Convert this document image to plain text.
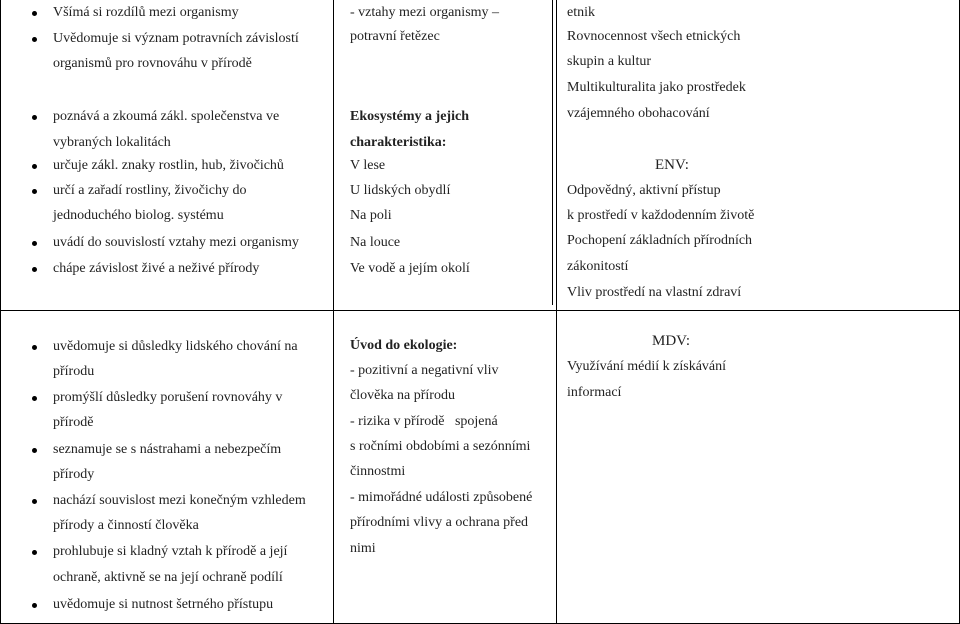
Všímá si rozdílů mezi organismy
Uvědomuje si význam potravních závislostí
organismů pro rovnováhu v přírodě
poznává a zkoumá zákl. společenstva ve
vybraných lokalitách
určuje zákl. znaky rostlin, hub, živočichů
určí a zařadí rostliny, živočichy do
jednoduchého biolog. systému
uvádí do souvislostí vztahy mezi organismy
chápe závislost živé a neživé přírody
- vztahy mezi organismy –
potravní řetězec
Ekosystémy a jejich
charakteristika:
V lese
U lidských obydlí
Na poli
Na louce
Ve vodě a jejím okolí
etnik
Rovnocennost všech etnických
skupin a kultur
Multikulturalita jako prostředek
vzájemného obohacování
ENV:
Odpovědný, aktivní přístup
k prostředí v každodenním životě
Pochopení základních přírodních
zákonitostí
Vliv prostředí na vlastní zdraví
uvědomuje si důsledky lidského chování na
přírodu
promýšlí důsledky porušení rovnováhy v
přírodě
seznamuje se s nástrahami a nebezpečím
přírody
nachází souvislost mezi konečným vzhledem
přírody a činností člověka
prohlubuje si kladný vztah k přírodě a její
ochraně, aktivně se na její ochraně podílí
uvědomuje si nutnost šetrného přístupu
Úvod do ekologie:
- pozitivní a negativní vliv
člověka na přírodu
- rizika v přírodě   spojená
s ročními obdobími a sezónními
činnostmi
- mimořádné události způsobené
přírodními vlivy a ochrana před
nimi
MDV:
Využívání médií k získávání
informací
